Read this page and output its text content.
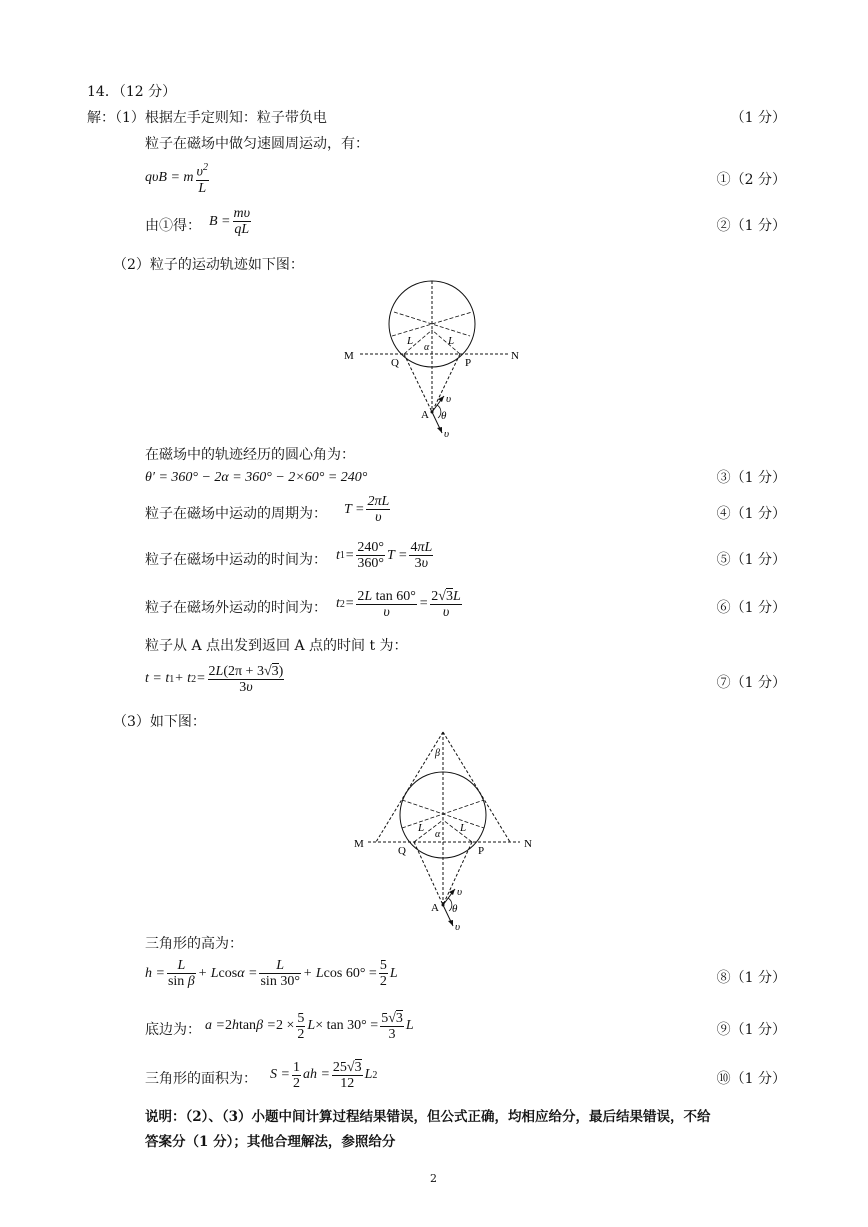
14．（12 分）
解：（1）根据左手定则知：粒子带负电	（1 分）
粒子在磁场中做匀速圆周运动，有：
qυB = m $\frac{\upsilon^2}{L}$	①（2 分）
由①得： $B = \frac{m\upsilon}{qL}$	②（1 分）
（2）粒子的运动轨迹如下图：
M	N
Q	P
A
L	L
α
θ
υ
υ
在磁场中的轨迹经历的圆心角为：
θ′ = 360° − 2α = 360° − 2×60° = 240°	③（1 分）
粒子在磁场中运动的周期为： $T = \frac{2\pi L}{\upsilon}$	④（1 分）
粒子在磁场中运动的时间为： t $1 = \frac{240^\circ}{360^\circ}$ $T = \frac{4\pi L}{3\upsilon}$	⑤（1 分）
粒子在磁场外运动的时间为： t $2 = \frac{\text{2L tan 60°}}{\upsilon} = \frac{2√3L}{\upsilon}$	⑥（1 分）
粒子从 A 点出发到返回 A 点的时间 t 为：
t = t 1 + t $2 = \frac{2L(2\pi + 3√3)}{3\upsilon}$	⑦（1 分）
（3）如下图：
M	N
Q	P
A
L	L
α
β
θ
υ
υ
三角形的高为：
$h = \frac{L}{\text{sin β}} + L$ $\cos \alpha = \frac{L}{\sin 30^\circ} + L$ $\cos 60^\circ = \frac{5}{2}$ L	⑧（1 分）
底边为： a = 2 h $\tan \beta = 2 \times \frac{5}{2}$ $L \times \tan 30^\circ = \frac{5√3}{3}$ L	⑨（1 分）
三角形的面积为： $S = \frac{1}{2}$ ah = $\frac{25√3}{12}$ L 2	⑩（1 分）
说明：（2）、（3）小题中间计算过程结果错误，但公式正确，均相应给分，最后结果错误，不给
答案分（1 分）；其他合理解法，参照给分
2
